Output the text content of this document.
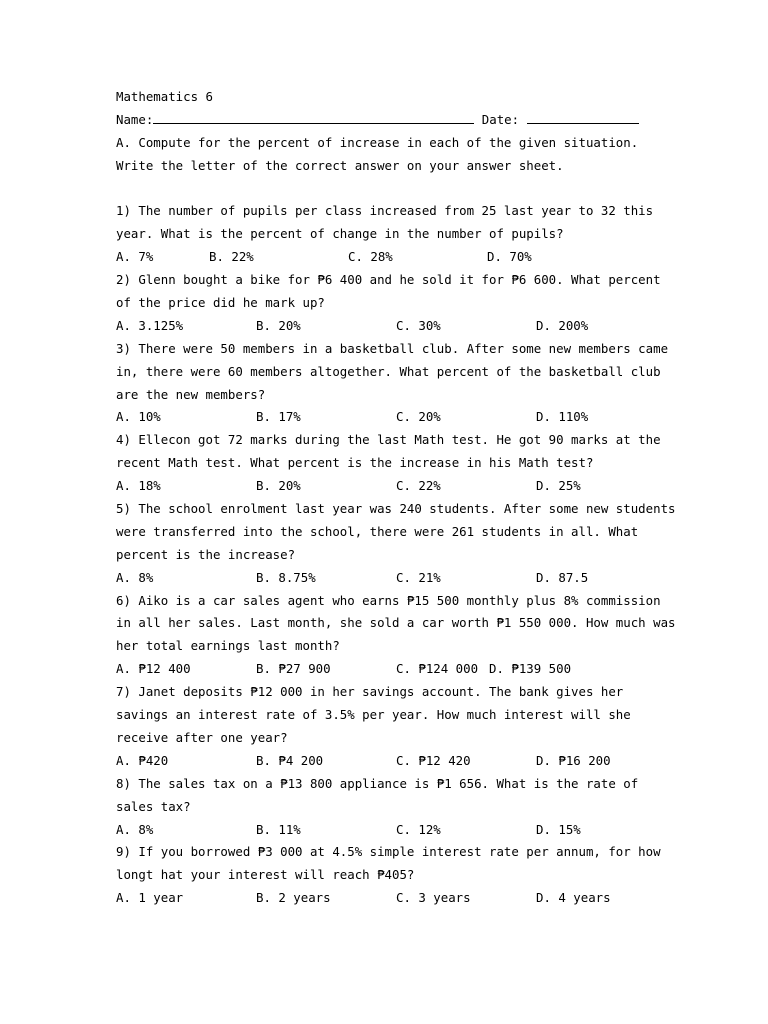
Mathematics 6
Name:	Date:
A. Compute for the percent of increase in each of the given situation.
Write the letter of the correct answer on your answer sheet.
1) The number of pupils per class increased from 25 last year to 32 this
year. What is the percent of change in the number of pupils?
A. 7%	B. 22%	C. 28%	D. 70%
2) Glenn bought a bike for ₱6 400 and he sold it for ₱6 600. What percent
of the price did he mark up?
A. 3.125%	B. 20%	C. 30%	D. 200%
3) There were 50 members in a basketball club. After some new members came
in, there were 60 members altogether. What percent of the basketball club
are the new members?
A. 10%	B. 17%	C. 20%	D. 110%
4) Ellecon got 72 marks during the last Math test. He got 90 marks at the
recent Math test. What percent is the increase in his Math test?
A. 18%	B. 20%	C. 22%	D. 25%
5) The school enrolment last year was 240 students. After some new students
were transferred into the school, there were 261 students in all. What
percent is the increase?
A. 8%	B. 8.75%	C. 21%	D. 87.5
6) Aiko is a car sales agent who earns ₱15 500 monthly plus 8% commission
in all her sales. Last month, she sold a car worth ₱1 550 000. How much was
her total earnings last month?
A. ₱12 400	B. ₱27 900	C. ₱124 000 D. ₱139 500
7) Janet deposits ₱12 000 in her savings account. The bank gives her
savings an interest rate of 3.5% per year. How much interest will she
receive after one year?
A. ₱420	B. ₱4 200	C. ₱12 420	D. ₱16 200
8) The sales tax on a ₱13 800 appliance is ₱1 656. What is the rate of
sales tax?
A. 8%	B. 11%	C. 12%	D. 15%
9) If you borrowed ₱3 000 at 4.5% simple interest rate per annum, for how
longt hat your interest will reach ₱405?
A. 1 year	B. 2 years	C. 3 years	D. 4 years
